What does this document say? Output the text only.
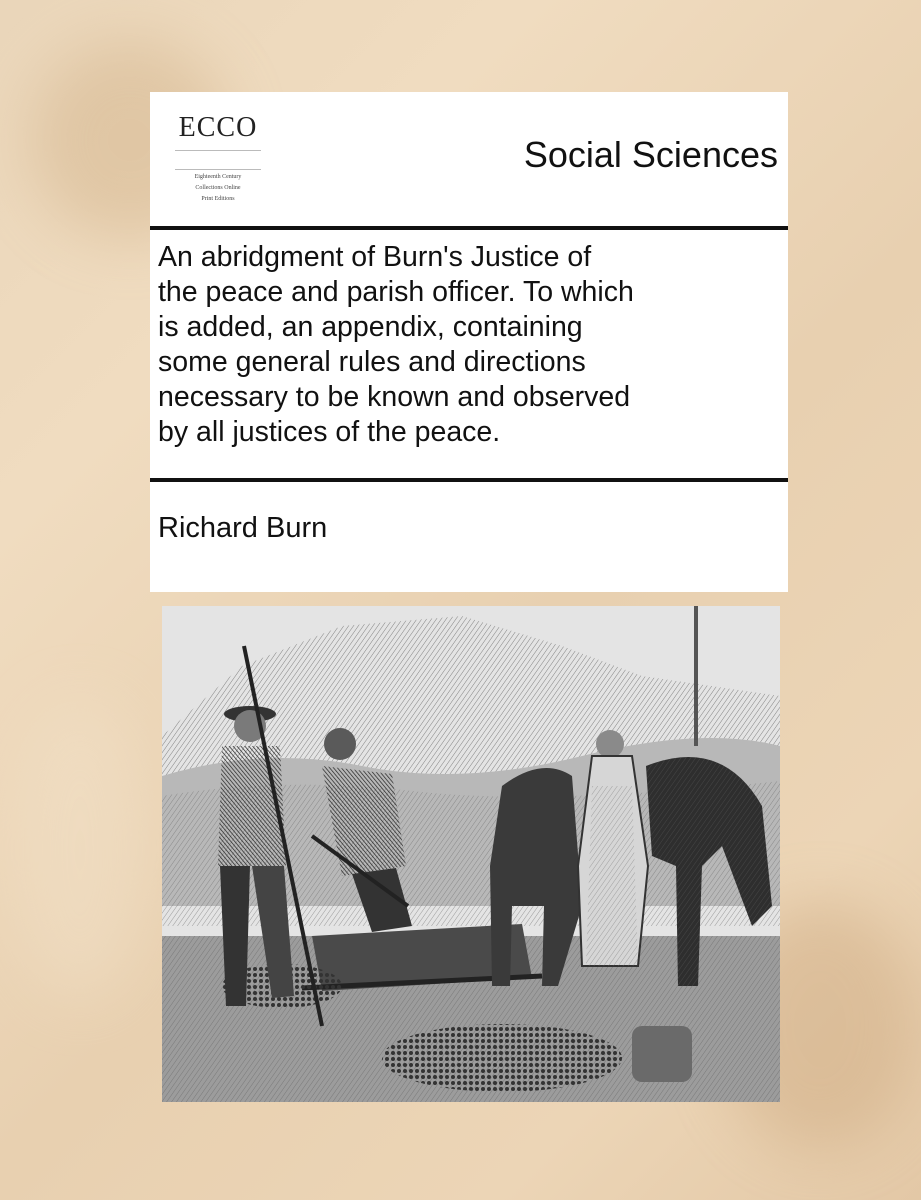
ECCO
Eighteenth Century
Collections Online
Print Editions
Social Sciences
An abridgment of Burn's Justice of
the peace and parish officer. To which
is added, an appendix, containing
some general rules and directions
necessary to be known and observed
by all justices of the peace.
Richard Burn
